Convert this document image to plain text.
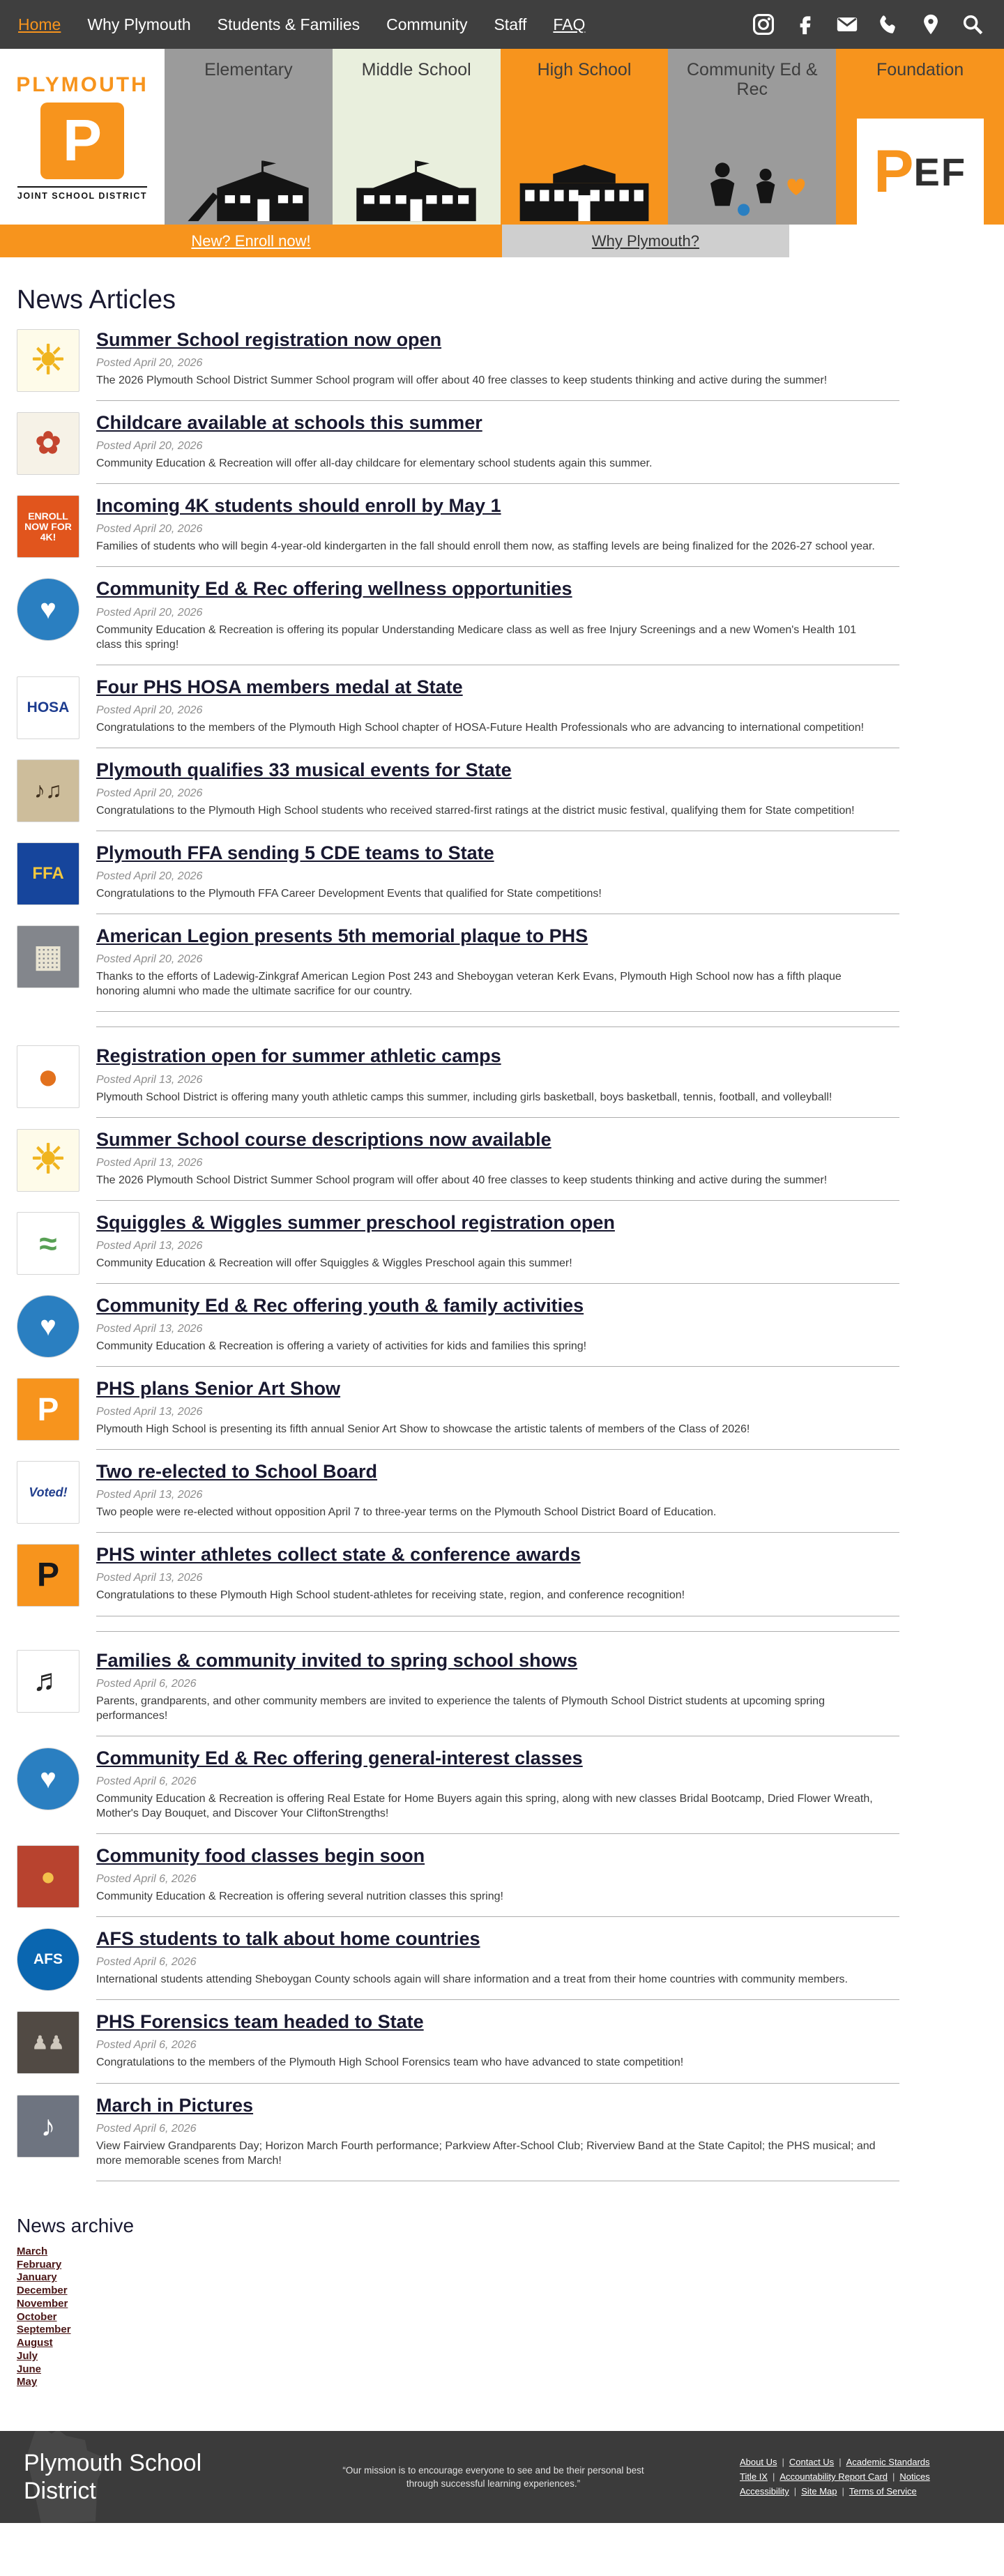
Home Why Plymouth Students & Families Community Staff FAQ
PLYMOUTH
P
JOINT SCHOOL DISTRICT
Elementary	Middle School	High School	Community Ed & Rec
Foundation
P EF
New? Enroll now!	Why Plymouth?
News Articles
☀	Summer School registration now open
Posted April 20, 2026
The 2026 Plymouth School District Summer School program will offer about 40 free classes to keep students thinking and active during the summer!
✿
Childcare available at schools this summer
Posted April 20, 2026
Community Education & Recreation will offer all-day childcare for elementary school students again this summer.
ENROLL NOW FOR 4K!
Incoming 4K students should enroll by May 1
Posted April 20, 2026
Families of students who will begin 4-year-old kindergarten in the fall should enroll them now, as staffing levels are being finalized for the 2026-27 school year.
♥
Community Ed & Rec offering wellness opportunities
Posted April 20, 2026
Community Education & Recreation is offering its popular Understanding Medicare class as well as free Injury Screenings and a new Women's Health 101 class this spring!
HOSA
Four PHS HOSA members medal at State
Posted April 20, 2026
Congratulations to the members of the Plymouth High School chapter of HOSA-Future Health Professionals who are advancing to international competition!
♪♫
Plymouth qualifies 33 musical events for State
Posted April 20, 2026
Congratulations to the Plymouth High School students who received starred-first ratings at the district music festival, qualifying them for State competition!
FFA
Plymouth FFA sending 5 CDE teams to State
Posted April 20, 2026
Congratulations to the Plymouth FFA Career Development Events that qualified for State competitions!
▦
American Legion presents 5th memorial plaque to PHS
Posted April 20, 2026
Thanks to the efforts of Ladewig-Zinkgraf American Legion Post 243 and Sheboygan veteran Kerk Evans, Plymouth High School now has a fifth plaque honoring alumni who made the ultimate sacrifice for our country.
●
Registration open for summer athletic camps
Posted April 13, 2026
Plymouth School District is offering many youth athletic camps this summer, including girls basketball, boys basketball, tennis, football, and volleyball!
☀	Summer School course descriptions now available
Posted April 13, 2026
The 2026 Plymouth School District Summer School program will offer about 40 free classes to keep students thinking and active during the summer!
≈
Squiggles & Wiggles summer preschool registration open
Posted April 13, 2026
Community Education & Recreation will offer Squiggles & Wiggles Preschool again this summer!
♥
Community Ed & Rec offering youth & family activities
Posted April 13, 2026
Community Education & Recreation is offering a variety of activities for kids and families this spring!
P
PHS plans Senior Art Show
Posted April 13, 2026
Plymouth High School is presenting its fifth annual Senior Art Show to showcase the artistic talents of members of the Class of 2026!
Voted!
Two re-elected to School Board
Posted April 13, 2026
Two people were re-elected without opposition April 7 to three-year terms on the Plymouth School District Board of Education.
P
PHS winter athletes collect state & conference awards
Posted April 13, 2026
Congratulations to these Plymouth High School student-athletes for receiving state, region, and conference recognition!
♬
Families & community invited to spring school shows
Posted April 6, 2026
Parents, grandparents, and other community members are invited to experience the talents of Plymouth School District students at upcoming spring performances!
♥
Community Ed & Rec offering general-interest classes
Posted April 6, 2026
Community Education & Recreation is offering Real Estate for Home Buyers again this spring, along with new classes Bridal Bootcamp, Dried Flower Wreath, Mother's Day Bouquet, and Discover Your CliftonStrengths!
●
Community food classes begin soon
Posted April 6, 2026
Community Education & Recreation is offering several nutrition classes this spring!
AFS
AFS students to talk about home countries
Posted April 6, 2026
International students attending Sheboygan County schools again will share information and a treat from their home countries with community members.
♟♟
PHS Forensics team headed to State
Posted April 6, 2026
Congratulations to the members of the Plymouth High School Forensics team who have advanced to state competition!
♪
March in Pictures
Posted April 6, 2026
View Fairview Grandparents Day; Horizon March Fourth performance; Parkview After-School Club; Riverview Band at the State Capitol; the PHS musical; and more memorable scenes from March!
News archive
March
February
January
December
November
October
September
August
July
June
May
Plymouth School District
“Our mission is to encourage everyone to see and be their personal best through successful learning experiences.”
About Us | Contact Us | Academic Standards
Title IX | Accountability Report Card | Notices
Accessibility | Site Map | Terms of Service
